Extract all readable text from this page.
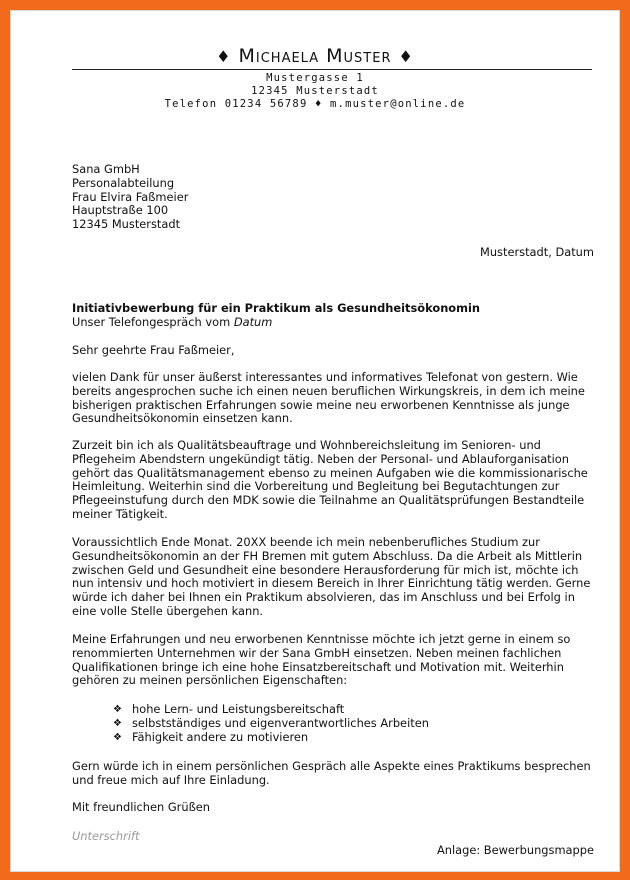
♦ Michaela Muster ♦
Mustergasse 1
12345 Musterstadt
Telefon 01234 56789 ♦ m.muster@online.de
Sana GmbH
Personalabteilung
Frau Elvira Faßmeier
Hauptstraße 100
12345 Musterstadt
Musterstadt, Datum
Initiativbewerbung für ein Praktikum als Gesundheitsökonomin
Unser Telefongespräch vom Datum
Sehr geehrte Frau Faßmeier,
vielen Dank für unser äußerst interessantes und informatives Telefonat von gestern. Wie bereits angesprochen suche ich einen neuen beruflichen Wirkungskreis, in dem ich meine bisherigen praktischen Erfahrungen sowie meine neu erworbenen Kenntnisse als junge Gesundheitsökonomin einsetzen kann.
Zurzeit bin ich als Qualitätsbeauftrage und Wohnbereichsleitung im Senioren- und Pflegeheim Abendstern ungekündigt tätig. Neben der Personal- und Ablauforganisation gehört das Qualitätsmanagement ebenso zu meinen Aufgaben wie die kommissionarische Heimleitung. Weiterhin sind die Vorbereitung und Begleitung bei Begutachtungen zur Pflegeeinstufung durch den MDK sowie die Teilnahme an Qualitätsprüfungen Bestandteile meiner Tätigkeit.
Voraussichtlich Ende Monat. 20XX beende ich mein nebenberufliches Studium zur Gesundheitsökonomin an der FH Bremen mit gutem Abschluss. Da die Arbeit als Mittlerin zwischen Geld und Gesundheit eine besondere Herausforderung für mich ist, möchte ich nun intensiv und hoch motiviert in diesem Bereich in Ihrer Einrichtung tätig werden. Gerne würde ich daher bei Ihnen ein Praktikum absolvieren, das im Anschluss und bei Erfolg in eine volle Stelle übergehen kann.
Meine Erfahrungen und neu erworbenen Kenntnisse möchte ich jetzt gerne in einem so renommierten Unternehmen wir der Sana GmbH einsetzen. Neben meinen fachlichen Qualifikationen bringe ich eine hohe Einsatzbereitschaft und Motivation mit. Weiterhin gehören zu meinen persönlichen Eigenschaften:
❖ hohe Lern- und Leistungsbereitschaft
❖ selbstständiges und eigenverantwortliches Arbeiten
❖ Fähigkeit andere zu motivieren
Gern würde ich in einem persönlichen Gespräch alle Aspekte eines Praktikums besprechen und freue mich auf Ihre Einladung.
Mit freundlichen Grüßen
Unterschrift
Anlage: Bewerbungsmappe
